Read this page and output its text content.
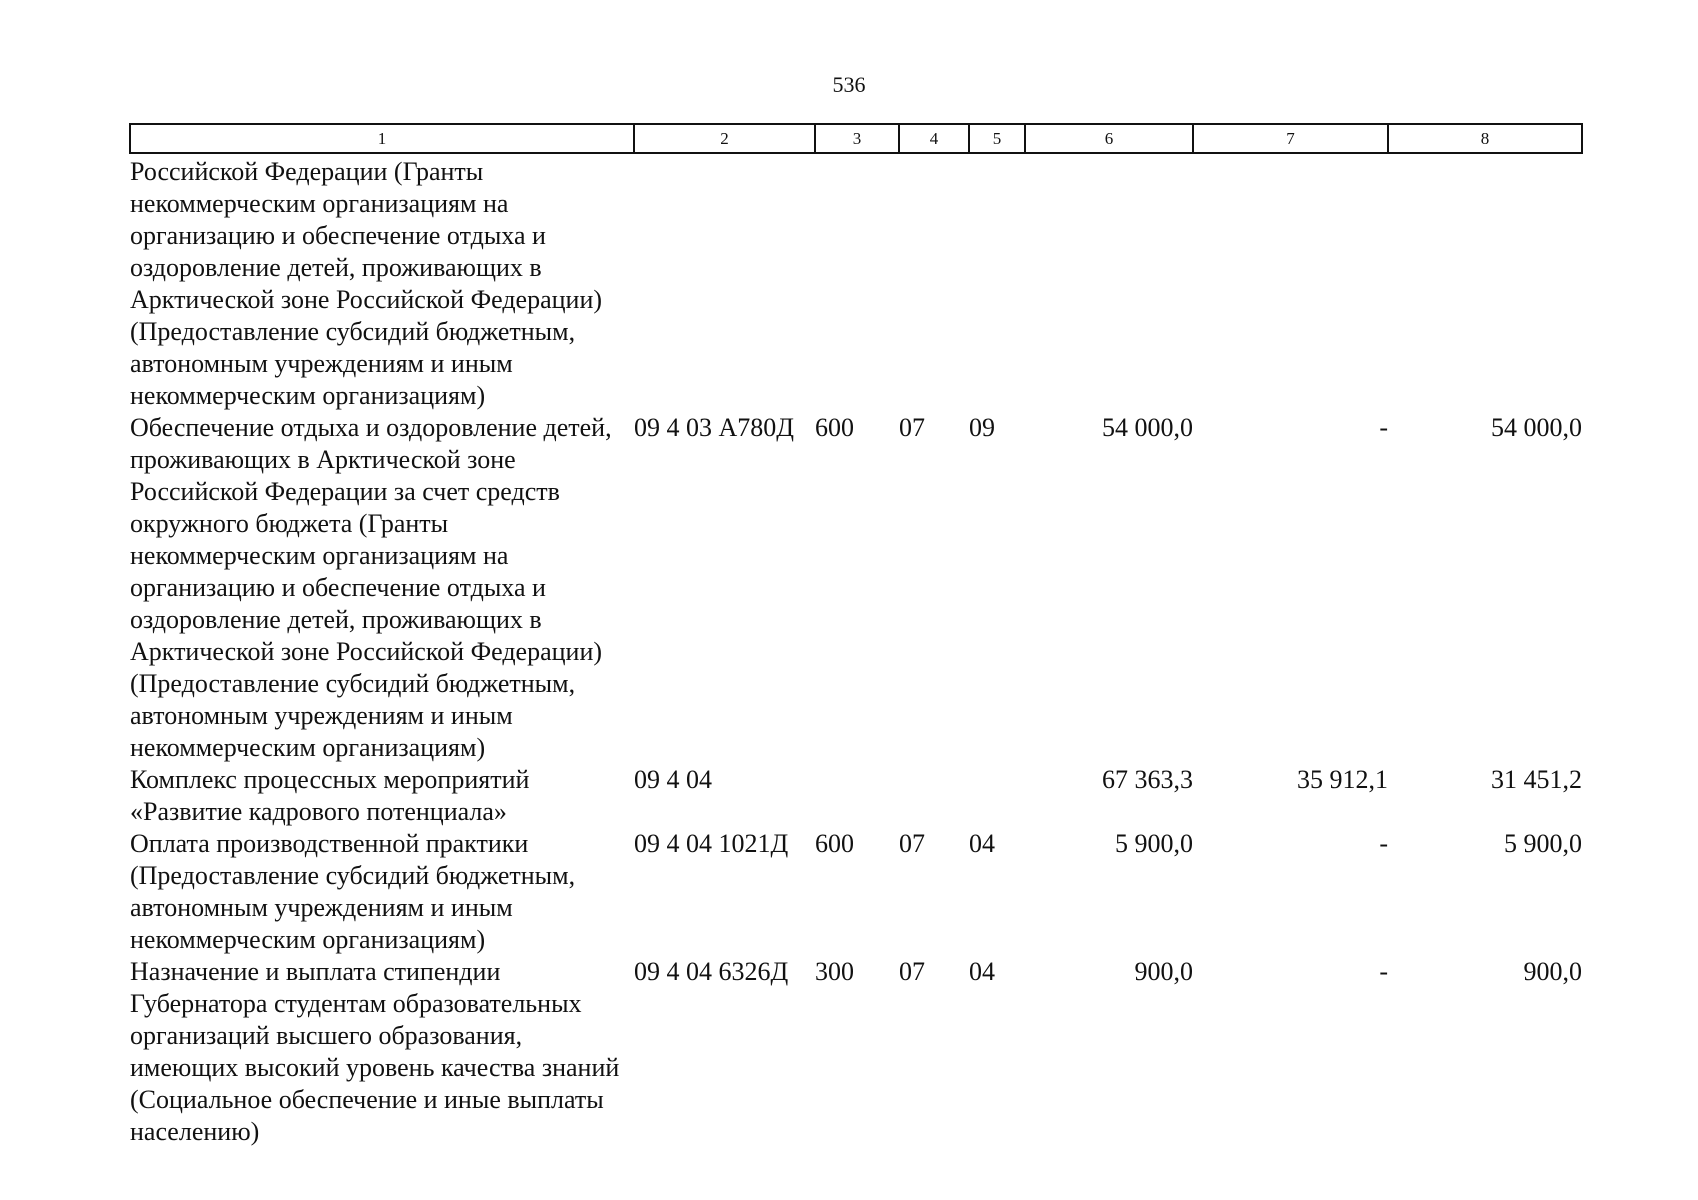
536
1	2	3	4	5	6	7	8
Российской Федерации (Гранты некоммерческим организациям на организацию и обеспечение отдыха и оздоровление детей, проживающих в Арктической зоне Российской Федерации) (Предоставление субсидий бюджетным, автономным учреждениям и иным некоммерческим организациям)							
Обеспечение отдыха и оздоровление детей, проживающих в Арктической зоне Российской Федерации за счет средств окружного бюджета (Гранты некоммерческим организациям на организацию и обеспечение отдыха и оздоровление детей, проживающих в Арктической зоне Российской Федерации) (Предоставление субсидий бюджетным, автономным учреждениям и иным некоммерческим организациям)	09 4 03 А780Д	600	07	09	54 000,0	-	54 000,0
Комплекс процессных мероприятий «Развитие кадрового потенциала»	09 4 04				67 363,3	35 912,1	31 451,2
Оплата производственной практики (Предоставление субсидий бюджетным, автономным учреждениям и иным некоммерческим организациям)	09 4 04 1021Д	600	07	04	5 900,0	-	5 900,0
Назначение и выплата стипендии Губернатора студентам образовательных организаций высшего образования, имеющих высокий уровень качества знаний (Социальное обеспечение и иные выплаты населению)	09 4 04 6326Д	300	07	04	900,0	-	900,0
